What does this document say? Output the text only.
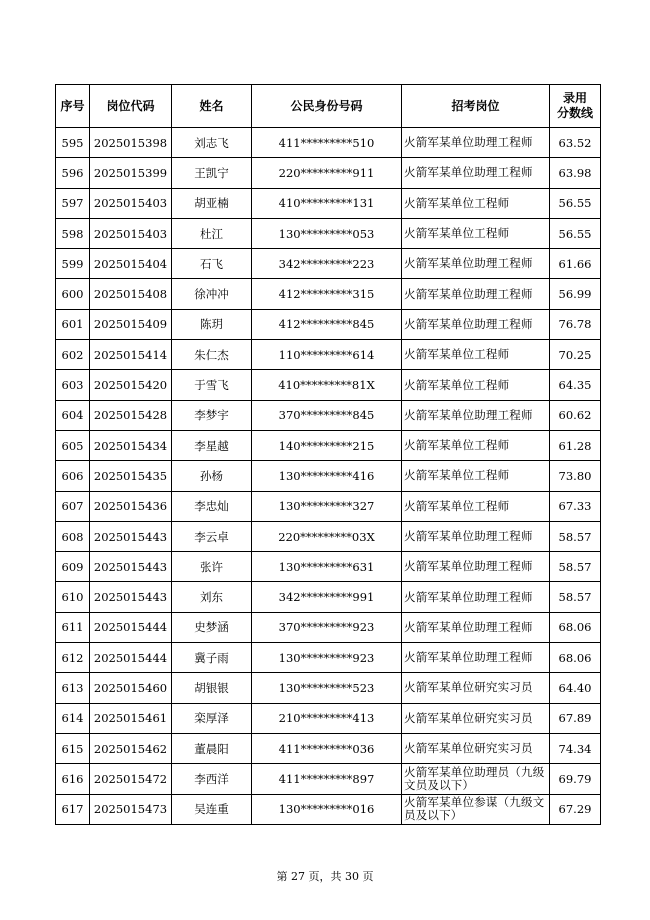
序号	岗位代码	姓名	公民身份号码	招考岗位	录用
分数线
595	2025015398	刘志飞	411*********510	火箭军某单位助理工程师	63.52
596	2025015399	王凯宁	220*********911	火箭军某单位助理工程师	63.98
597	2025015403	胡亚楠	410*********131	火箭军某单位工程师	56.55
598	2025015403	杜江	130*********053	火箭军某单位工程师	56.55
599	2025015404	石飞	342*********223	火箭军某单位助理工程师	61.66
600	2025015408	徐冲冲	412*********315	火箭军某单位助理工程师	56.99
601	2025015409	陈玥	412*********845	火箭军某单位助理工程师	76.78
602	2025015414	朱仁杰	110*********614	火箭军某单位工程师	70.25
603	2025015420	于雪飞	410*********81X	火箭军某单位工程师	64.35
604	2025015428	李梦宇	370*********845	火箭军某单位助理工程师	60.62
605	2025015434	李星越	140*********215	火箭军某单位工程师	61.28
606	2025015435	孙杨	130*********416	火箭军某单位工程师	73.80
607	2025015436	李忠灿	130*********327	火箭军某单位工程师	67.33
608	2025015443	李云卓	220*********03X	火箭军某单位助理工程师	58.57
609	2025015443	张许	130*********631	火箭军某单位助理工程师	58.57
610	2025015443	刘东	342*********991	火箭军某单位助理工程师	58.57
611	2025015444	史梦涵	370*********923	火箭军某单位助理工程师	68.06
612	2025015444	冀子雨	130*********923	火箭军某单位助理工程师	68.06
613	2025015460	胡银银	130*********523	火箭军某单位研究实习员	64.40
614	2025015461	栾厚泽	210*********413	火箭军某单位研究实习员	67.89
615	2025015462	董晨阳	411*********036	火箭军某单位研究实习员	74.34
616	2025015472	李西洋	411*********897	火箭军某单位助理员（九级文员及以下）	69.79
617	2025015473	吴连重	130*********016	火箭军某单位参谋（九级文员及以下）	67.29
第 27 页，共 30 页
